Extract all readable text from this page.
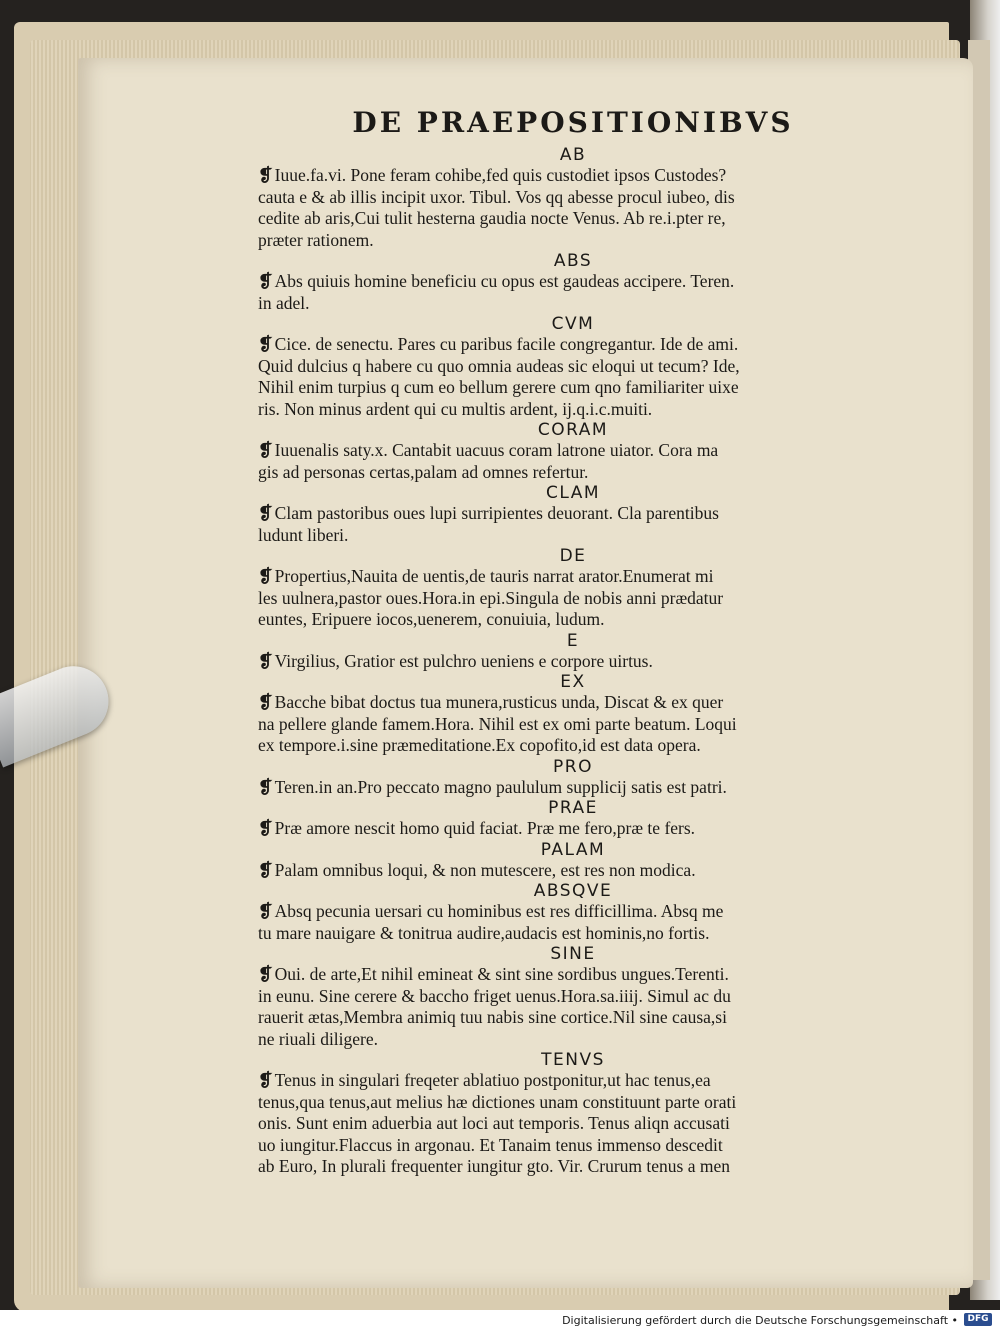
DE PRAEPOSITIONIBVS
AB
❡ Iuue.fa.vi. Pone feram cohibe,fed quis custodiet ipsos Custodes?
cauta e & ab illis incipit uxor. Tibul. Vos qq abesse procul iubeo, dis
cedite ab aris,Cui tulit hesterna gaudia nocte Venus. Ab re.i.pter re,
præter rationem.
ABS
❡ Abs quiuis homine beneficiu cu opus est gaudeas accipere. Teren.
in adel.
CVM
❡ Cice. de senectu. Pares cu paribus facile congregantur. Ide de ami.
Quid dulcius q habere cu quo omnia audeas sic eloqui ut tecum? Ide,
Nihil enim turpius q cum eo bellum gerere cum qno familiariter uixe
ris. Non minus ardent qui cu multis ardent, ij.q.i.c.muiti.
CORAM
❡ Iuuenalis saty.x. Cantabit uacuus coram latrone uiator. Cora ma
gis ad personas certas,palam ad omnes refertur.
CLAM
❡ Clam pastoribus oues lupi surripientes deuorant. Cla parentibus
ludunt liberi.
DE
❡ Propertius,Nauita de uentis,de tauris narrat arator.Enumerat mi
les uulnera,pastor oues.Hora.in epi.Singula de nobis anni prædatur
euntes, Eripuere iocos,uenerem, conuiuia, ludum.
E
❡ Virgilius, Gratior est pulchro ueniens e corpore uirtus.
EX
❡ Bacche bibat doctus tua munera,rusticus unda, Discat & ex quer
na pellere glande famem.Hora. Nihil est ex omi parte beatum. Loqui
ex tempore.i.sine præmeditatione.Ex copofito,id est data opera.
PRO
❡ Teren.in an.Pro peccato magno paululum supplicij satis est patri.
PRAE
❡ Præ amore nescit homo quid faciat. Præ me fero,præ te fers.
PALAM
❡ Palam omnibus loqui, & non mutescere, est res non modica.
ABSQVE
❡ Absq pecunia uersari cu hominibus est res difficillima. Absq me
tu mare nauigare & tonitrua audire,audacis est hominis,no fortis.
SINE
❡ Oui. de arte,Et nihil emineat & sint sine sordibus ungues.Terenti.
in eunu. Sine cerere & baccho friget uenus.Hora.sa.iiij. Simul ac du
rauerit ætas,Membra animiq tuu nabis sine cortice.Nil sine causa,si
ne riuali diligere.
TENVS
❡ Tenus in singulari freqeter ablatiuo postponitur,ut hac tenus,ea
tenus,qua tenus,aut melius hæ dictiones unam constituunt parte orati
onis. Sunt enim aduerbia aut loci aut temporis. Tenus aliqn accusati
uo iungitur.Flaccus in argonau. Et Tanaim tenus immenso descedit
ab Euro, In plurali frequenter iungitur gto. Vir. Crurum tenus a men
Digitalisierung gefördert durch die Deutsche Forschungsgemeinschaft •	DFG
